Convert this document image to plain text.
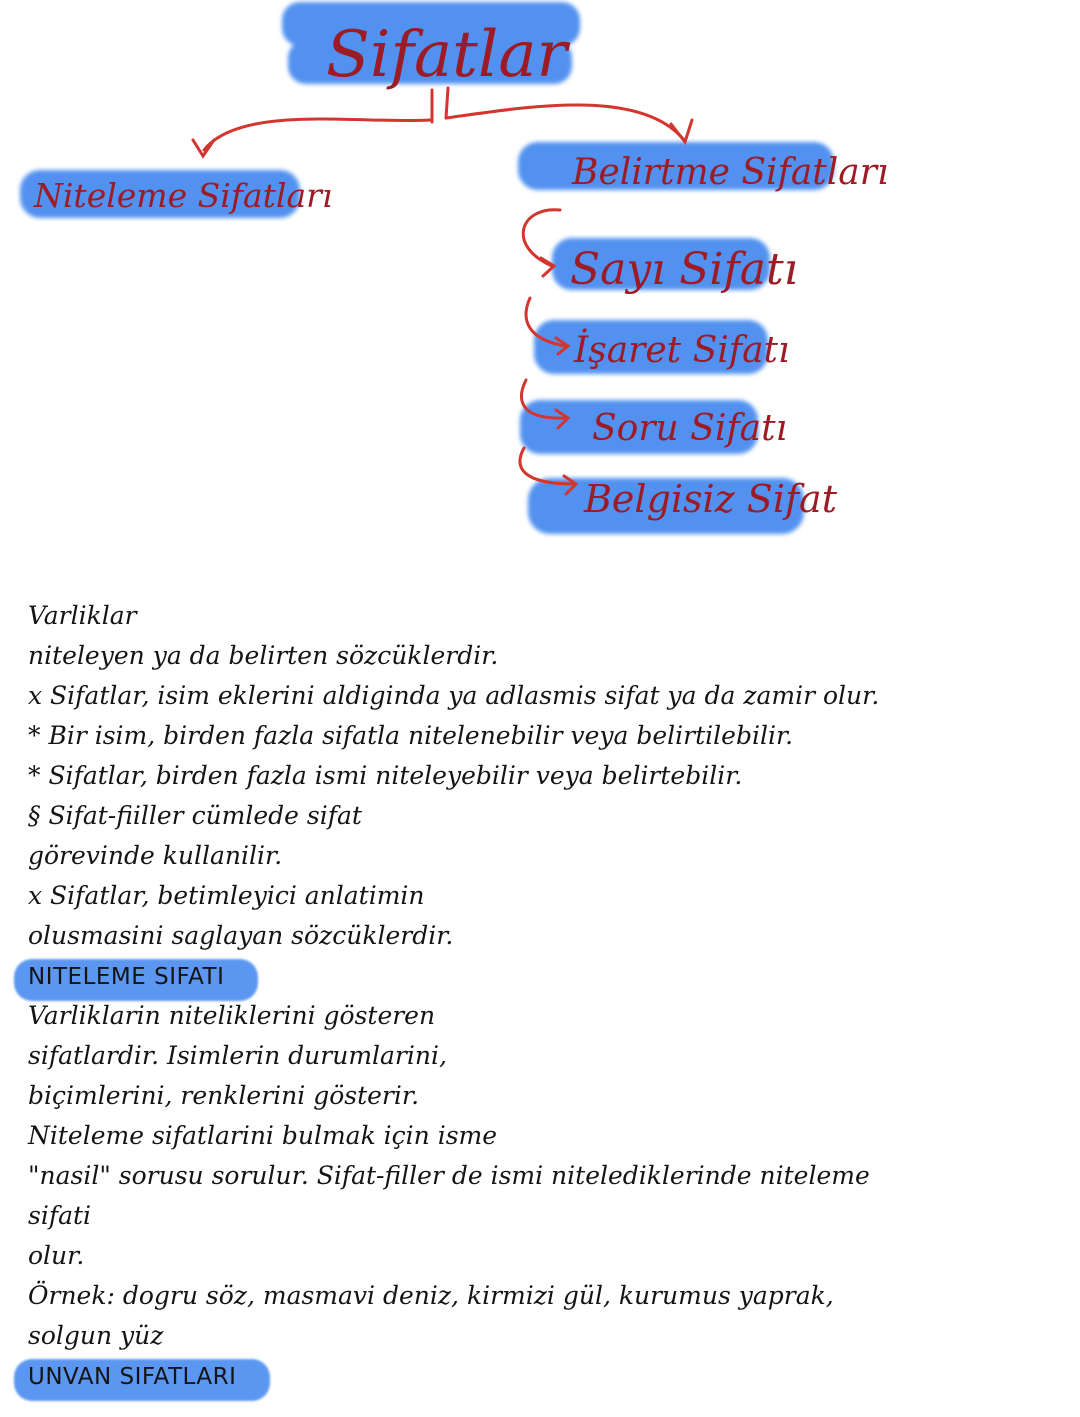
Sifatlar
Niteleme Sifatları
Belirtme Sifatları
Sayı Sifatı
İşaret Sifatı
Soru Sifatı
Belgisiz Sifat
Varliklar
niteleyen ya da belirten sözcüklerdir.
x Sifatlar, isim eklerini aldiginda ya adlasmis sifat ya da zamir olur.
* Bir isim, birden fazla sifatla nitelenebilir veya belirtilebilir.
* Sifatlar, birden fazla ismi niteleyebilir veya belirtebilir.
§ Sifat-fiiller cümlede sifat
görevinde kullanilir.
x Sifatlar, betimleyici anlatimin
olusmasini saglayan sözcüklerdir.
NITELEME SIFATI
Varliklarin niteliklerini gösteren
sifatlardir. Isimlerin durumlarini,
biçimlerini, renklerini gösterir.
Niteleme sifatlarini bulmak için isme
"nasil" sorusu sorulur. Sifat-filler de ismi nitelediklerinde niteleme
sifati
olur.
Örnek: dogru söz, masmavi deniz, kirmizi gül, kurumus yaprak,
solgun yüz
UNVAN SIFATLARI
